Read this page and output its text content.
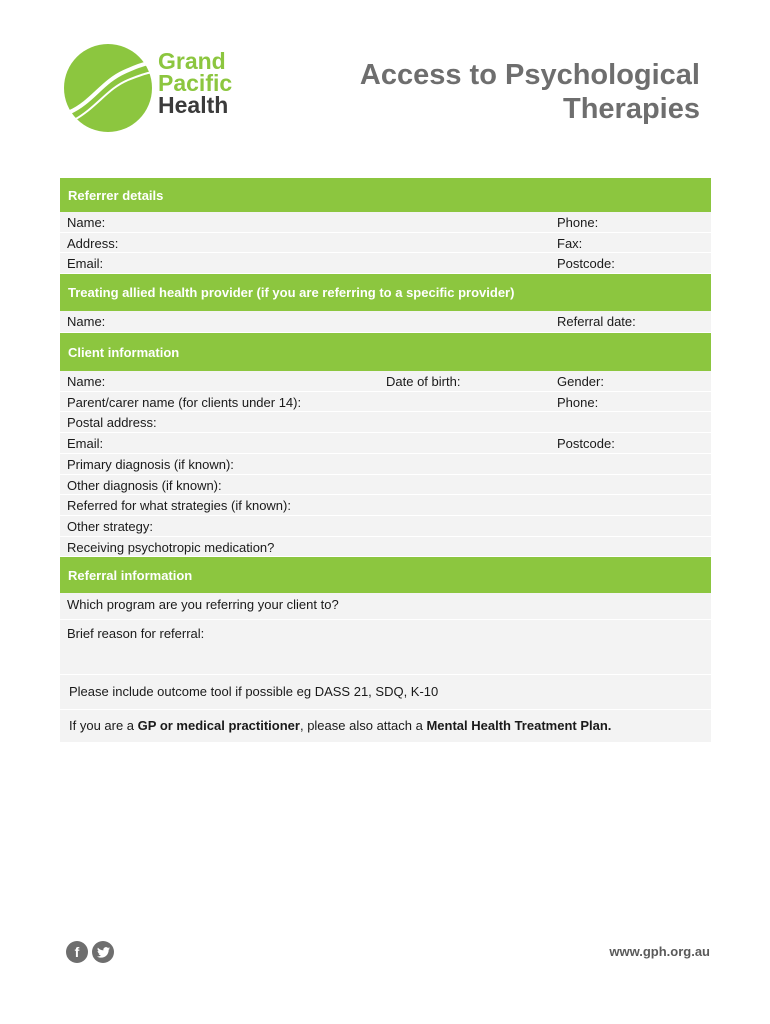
Grand
Pacific
Health
Access to Psychological
Therapies
Referrer details
Name:	Phone:
Address:	Fax:
Email:	Postcode:
Treating allied health provider (if you are referring to a specific provider)
Name:	Referral date:
Client information
Name:	Date of birth:	Gender:
Parent/carer name (for clients under 14):	Phone:
Postal address:
Email:	Postcode:
Primary diagnosis (if known):
Other diagnosis (if known):
Referred for what strategies (if known):
Other strategy:
Receiving psychotropic medication?
Referral information
Which program are you referring your client to?
Brief reason for referral:
Please include outcome tool if possible eg DASS 21, SDQ, K-10
If you are a GP or medical practitioner, please also attach a Mental Health Treatment Plan.
f	www.gph.org.au
